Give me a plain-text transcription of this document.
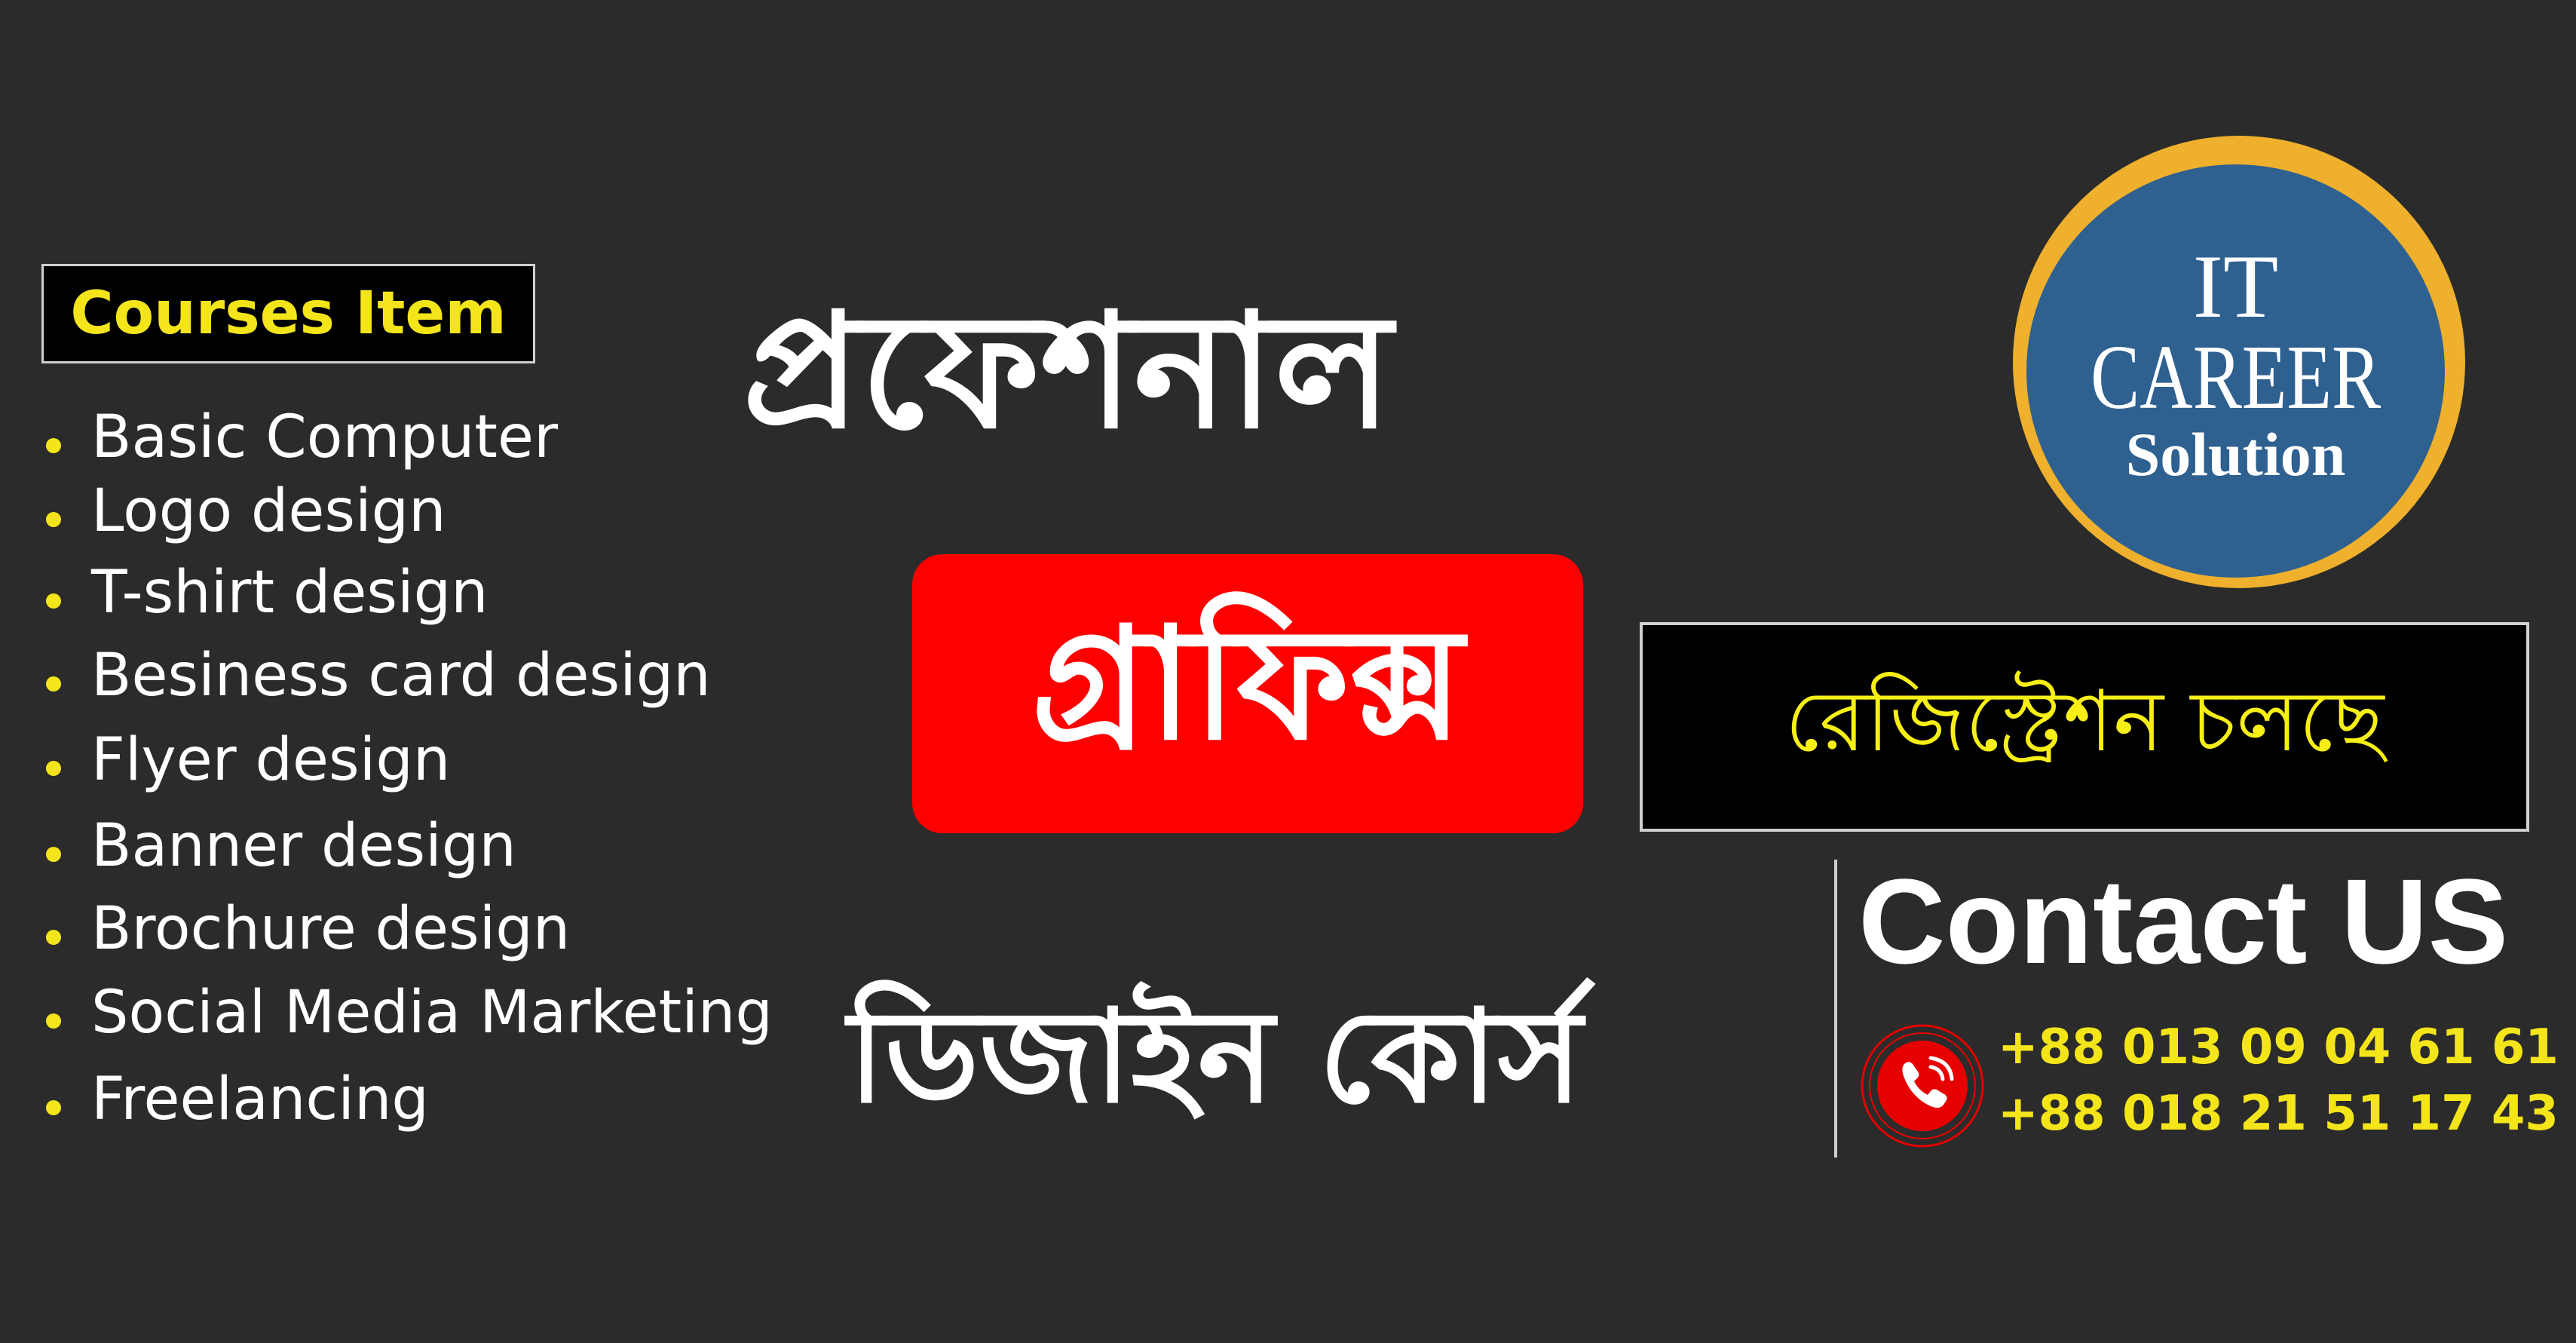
Courses Item
Basic Computer
Logo design
T-shirt design
Besiness card design
Flyer design
Banner design
Brochure design
Social Media Marketing
Freelancing
প্রফেশনাল
গ্রাফিক্স
ডিজাইন কোর্স
IT
CAREER
Solution
রেজিস্ট্রেশন চলছে
Contact US
+88 013 09 04 61 61
+88 018 21 51 17 43
